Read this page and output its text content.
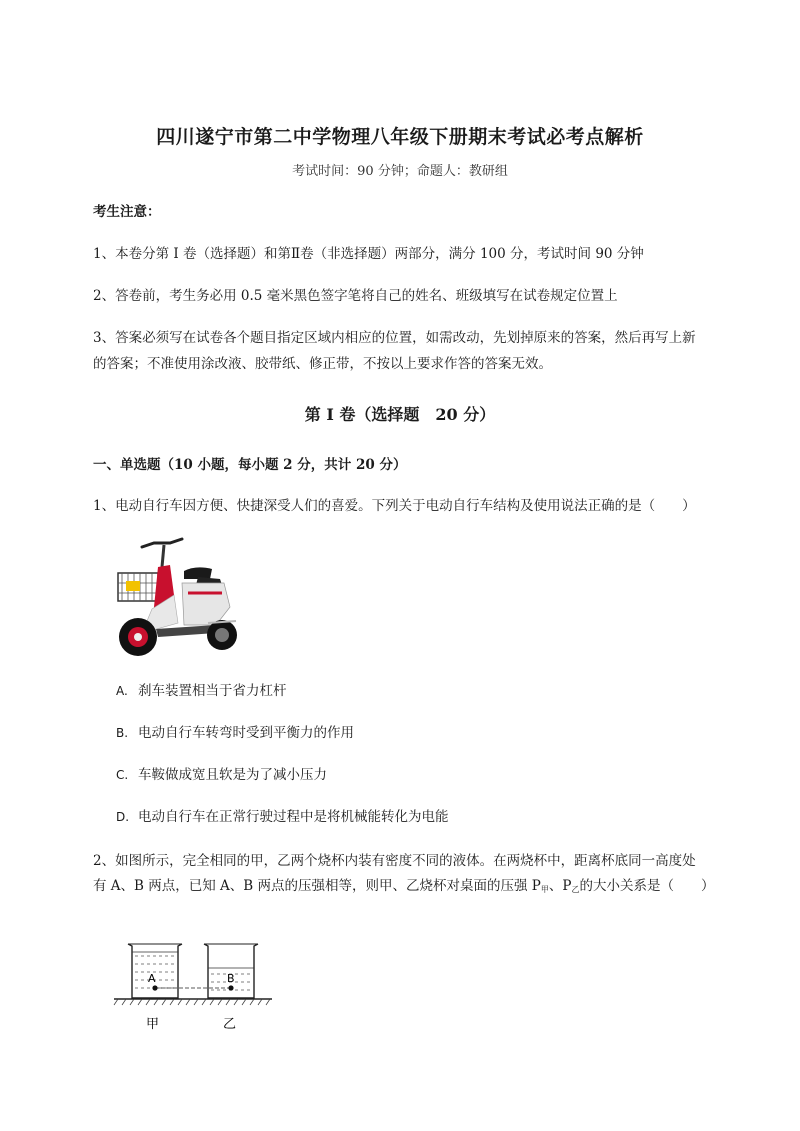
四川遂宁市第二中学物理八年级下册期末考试必考点解析
考试时间：90 分钟；命题人：教研组
考生注意：
1、本卷分第 I 卷（选择题）和第Ⅱ卷（非选择题）两部分，满分 100 分，考试时间 90 分钟
2、答卷前，考生务必用 0.5 毫米黑色签字笔将自己的姓名、班级填写在试卷规定位置上
3、答案必须写在试卷各个题目指定区域内相应的位置，如需改动，先划掉原来的答案，然后再写上新
的答案；不准使用涂改液、胶带纸、修正带，不按以上要求作答的答案无效。
第 I 卷（选择题　20 分）
一、单选题（10 小题，每小题 2 分，共计 20 分）
1、电动自行车因方便、快捷深受人们的喜爱。下列关于电动自行车结构及使用说法正确的是（　　）
A. 刹车装置相当于省力杠杆
B. 电动自行车转弯时受到平衡力的作用
C. 车鞍做成宽且软是为了减小压力
D. 电动自行车在正常行驶过程中是将机械能转化为电能
2、如图所示，完全相同的甲，乙两个烧杯内装有密度不同的液体。在两烧杯中，距离杯底同一高度处
有 A、B 两点，已知 A、B 两点的压强相等，则甲、乙烧杯对桌面的压强 $P_甲$、$P_乙$的大小关系是（　　）
A	B
甲	乙
